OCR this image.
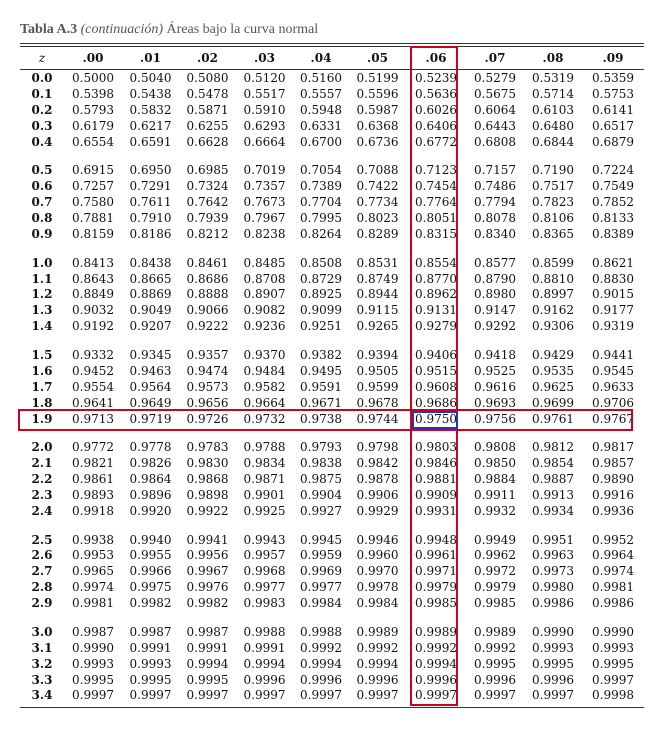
Tabla A.3 (continuación) Áreas bajo la curva normal
z	.00	.01	.02	.03	.04	.05	.06	.07	.08	.09
0.0	0.5000	0.5040	0.5080	0.5120	0.5160	0.5199	0.5239	0.5279	0.5319	0.5359
0.1	0.5398	0.5438	0.5478	0.5517	0.5557	0.5596	0.5636	0.5675	0.5714	0.5753
0.2	0.5793	0.5832	0.5871	0.5910	0.5948	0.5987	0.6026	0.6064	0.6103	0.6141
0.3	0.6179	0.6217	0.6255	0.6293	0.6331	0.6368	0.6406	0.6443	0.6480	0.6517
0.4	0.6554	0.6591	0.6628	0.6664	0.6700	0.6736	0.6772	0.6808	0.6844	0.6879
0.5	0.6915	0.6950	0.6985	0.7019	0.7054	0.7088	0.7123	0.7157	0.7190	0.7224
0.6	0.7257	0.7291	0.7324	0.7357	0.7389	0.7422	0.7454	0.7486	0.7517	0.7549
0.7	0.7580	0.7611	0.7642	0.7673	0.7704	0.7734	0.7764	0.7794	0.7823	0.7852
0.8	0.7881	0.7910	0.7939	0.7967	0.7995	0.8023	0.8051	0.8078	0.8106	0.8133
0.9	0.8159	0.8186	0.8212	0.8238	0.8264	0.8289	0.8315	0.8340	0.8365	0.8389
1.0	0.8413	0.8438	0.8461	0.8485	0.8508	0.8531	0.8554	0.8577	0.8599	0.8621
1.1	0.8643	0.8665	0.8686	0.8708	0.8729	0.8749	0.8770	0.8790	0.8810	0.8830
1.2	0.8849	0.8869	0.8888	0.8907	0.8925	0.8944	0.8962	0.8980	0.8997	0.9015
1.3	0.9032	0.9049	0.9066	0.9082	0.9099	0.9115	0.9131	0.9147	0.9162	0.9177
1.4	0.9192	0.9207	0.9222	0.9236	0.9251	0.9265	0.9279	0.9292	0.9306	0.9319
1.5	0.9332	0.9345	0.9357	0.9370	0.9382	0.9394	0.9406	0.9418	0.9429	0.9441
1.6	0.9452	0.9463	0.9474	0.9484	0.9495	0.9505	0.9515	0.9525	0.9535	0.9545
1.7	0.9554	0.9564	0.9573	0.9582	0.9591	0.9599	0.9608	0.9616	0.9625	0.9633
1.8	0.9641	0.9649	0.9656	0.9664	0.9671	0.9678	0.9686	0.9693	0.9699	0.9706
1.9	0.9713	0.9719	0.9726	0.9732	0.9738	0.9744	0.9750	0.9756	0.9761	0.9767
2.0	0.9772	0.9778	0.9783	0.9788	0.9793	0.9798	0.9803	0.9808	0.9812	0.9817
2.1	0.9821	0.9826	0.9830	0.9834	0.9838	0.9842	0.9846	0.9850	0.9854	0.9857
2.2	0.9861	0.9864	0.9868	0.9871	0.9875	0.9878	0.9881	0.9884	0.9887	0.9890
2.3	0.9893	0.9896	0.9898	0.9901	0.9904	0.9906	0.9909	0.9911	0.9913	0.9916
2.4	0.9918	0.9920	0.9922	0.9925	0.9927	0.9929	0.9931	0.9932	0.9934	0.9936
2.5	0.9938	0.9940	0.9941	0.9943	0.9945	0.9946	0.9948	0.9949	0.9951	0.9952
2.6	0.9953	0.9955	0.9956	0.9957	0.9959	0.9960	0.9961	0.9962	0.9963	0.9964
2.7	0.9965	0.9966	0.9967	0.9968	0.9969	0.9970	0.9971	0.9972	0.9973	0.9974
2.8	0.9974	0.9975	0.9976	0.9977	0.9977	0.9978	0.9979	0.9979	0.9980	0.9981
2.9	0.9981	0.9982	0.9982	0.9983	0.9984	0.9984	0.9985	0.9985	0.9986	0.9986
3.0	0.9987	0.9987	0.9987	0.9988	0.9988	0.9989	0.9989	0.9989	0.9990	0.9990
3.1	0.9990	0.9991	0.9991	0.9991	0.9992	0.9992	0.9992	0.9992	0.9993	0.9993
3.2	0.9993	0.9993	0.9994	0.9994	0.9994	0.9994	0.9994	0.9995	0.9995	0.9995
3.3	0.9995	0.9995	0.9995	0.9996	0.9996	0.9996	0.9996	0.9996	0.9996	0.9997
3.4	0.9997	0.9997	0.9997	0.9997	0.9997	0.9997	0.9997	0.9997	0.9997	0.9998
